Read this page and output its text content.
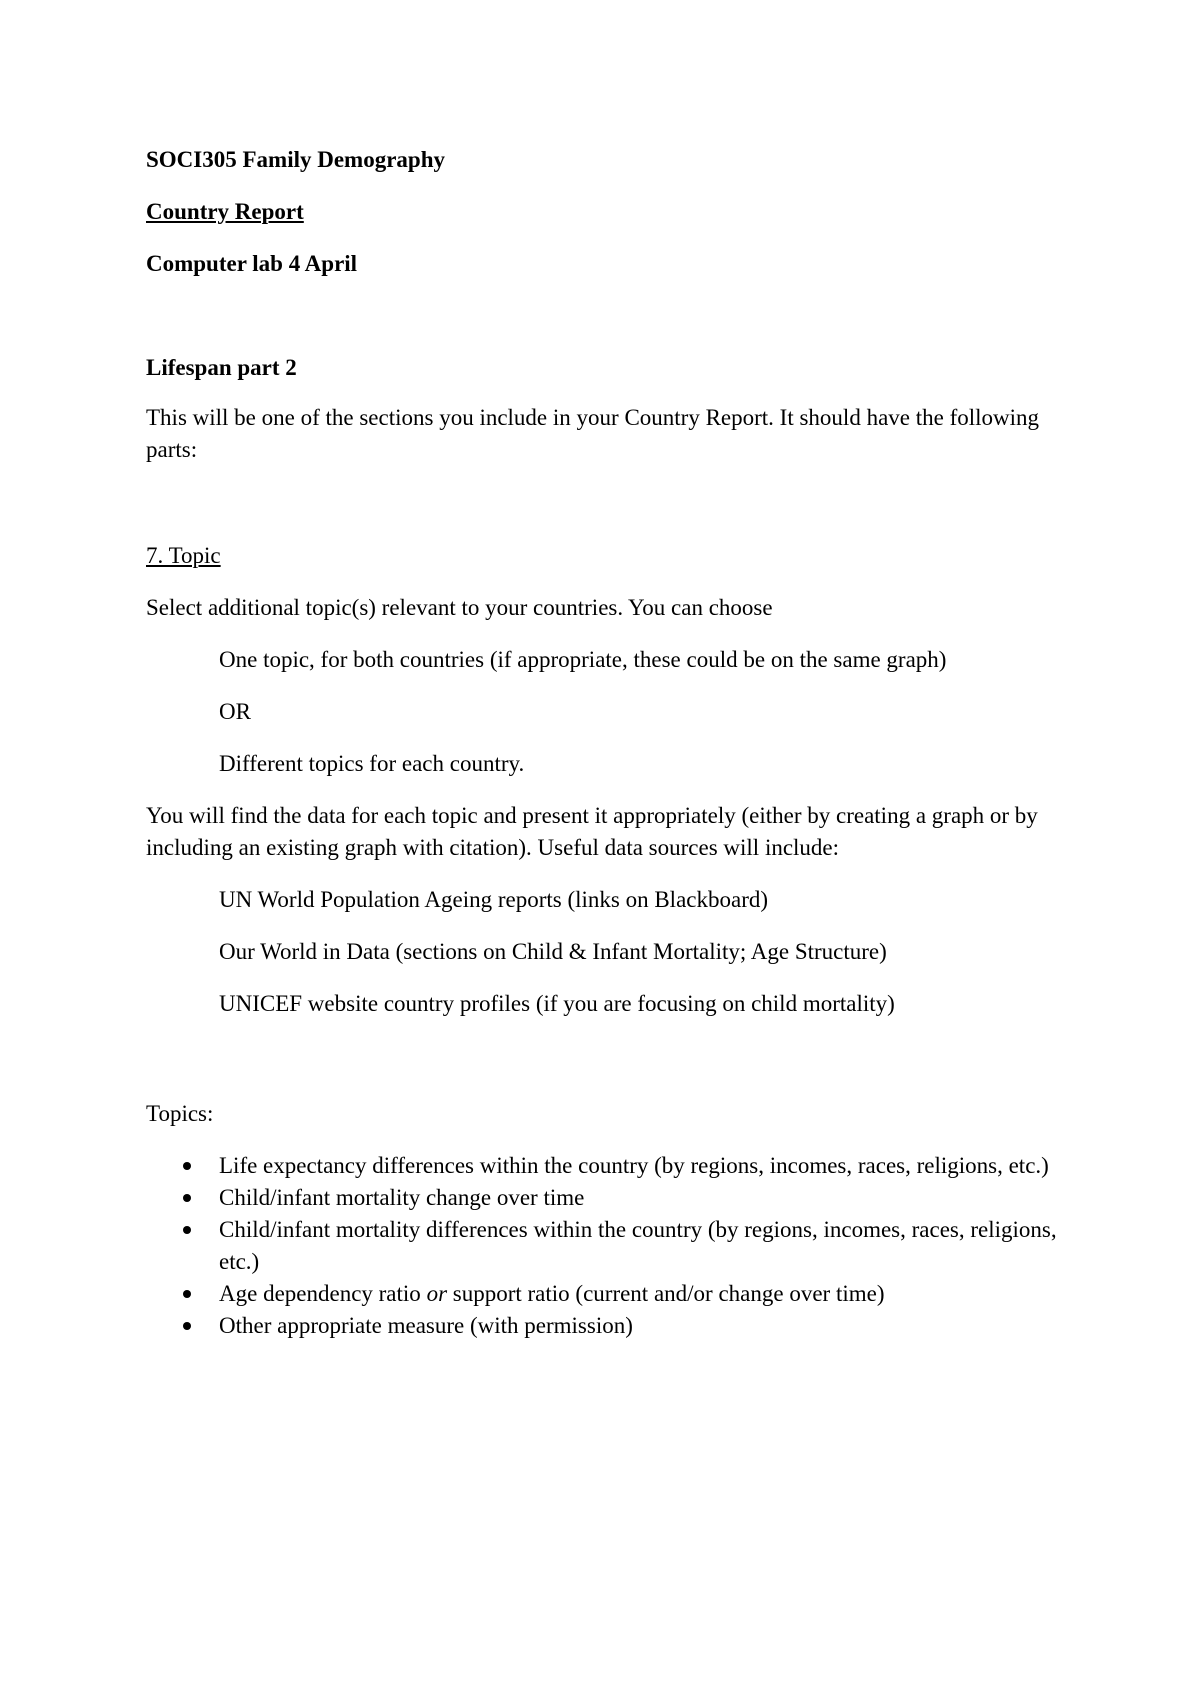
SOCI305 Family Demography

Country Report

Computer lab 4 April

Lifespan part 2

This will be one of the sections you include in your Country Report. It should have the following parts:

7. Topic

Select additional topic(s) relevant to your countries. You can choose

One topic, for both countries (if appropriate, these could be on the same graph)

OR

Different topics for each country.

You will find the data for each topic and present it appropriately (either by creating a graph or by including an existing graph with citation). Useful data sources will include:

UN World Population Ageing reports (links on Blackboard)

Our World in Data (sections on Child & Infant Mortality; Age Structure)

UNICEF website country profiles (if you are focusing on child mortality)

Topics:

Life expectancy differences within the country (by regions, incomes, races, religions, etc.)
Child/infant mortality change over time
Child/infant mortality differences within the country (by regions, incomes, races, religions, etc.)
Age dependency ratio or support ratio (current and/or change over time)
Other appropriate measure (with permission)
